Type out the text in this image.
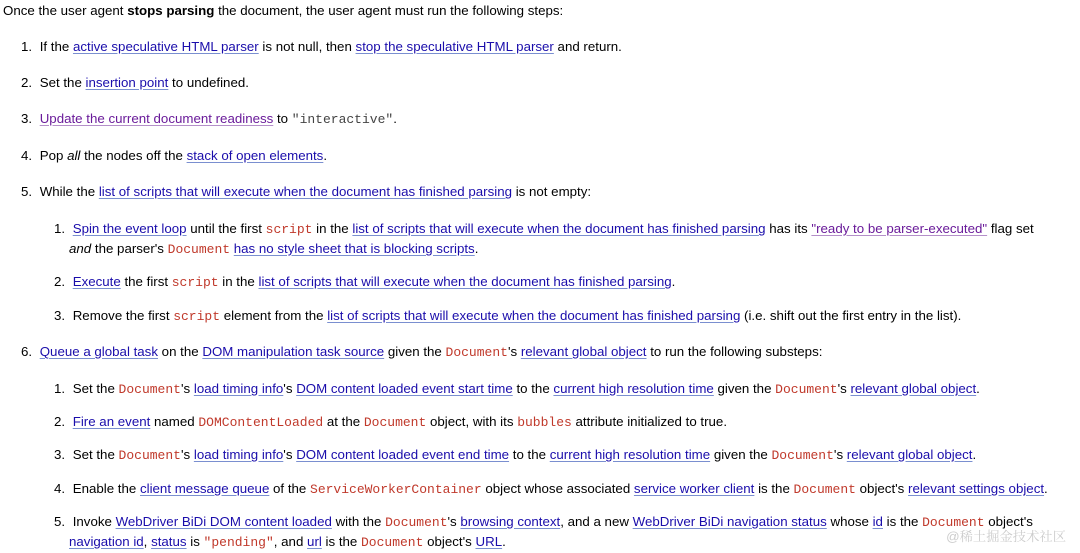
Once the user agent stops parsing the document, the user agent must run the following steps:
1. If the active speculative HTML parser is not null, then stop the speculative HTML parser and return.
2. Set the insertion point to undefined.
3. Update the current document readiness to "interactive".
4. Pop all the nodes off the stack of open elements.
5. While the list of scripts that will execute when the document has finished parsing is not empty:
1. Spin the event loop until the first script in the list of scripts that will execute when the document has finished parsing has its "ready to be parser-executed" flag set
and the parser's Document has no style sheet that is blocking scripts.
2. Execute the first script in the list of scripts that will execute when the document has finished parsing.
3. Remove the first script element from the list of scripts that will execute when the document has finished parsing (i.e. shift out the first entry in the list).
6. Queue a global task on the DOM manipulation task source given the Document's relevant global object to run the following substeps:
1. Set the Document's load timing info's DOM content loaded event start time to the current high resolution time given the Document's relevant global object.
2. Fire an event named DOMContentLoaded at the Document object, with its bubbles attribute initialized to true.
3. Set the Document's load timing info's DOM content loaded event end time to the current high resolution time given the Document's relevant global object.
4. Enable the client message queue of the ServiceWorkerContainer object whose associated service worker client is the Document object's relevant settings object.
5. Invoke WebDriver BiDi DOM content loaded with the Document's browsing context, and a new WebDriver BiDi navigation status whose id is the Document object's
navigation id, status is "pending", and url is the Document object's URL.	@稀土掘金技术社区
